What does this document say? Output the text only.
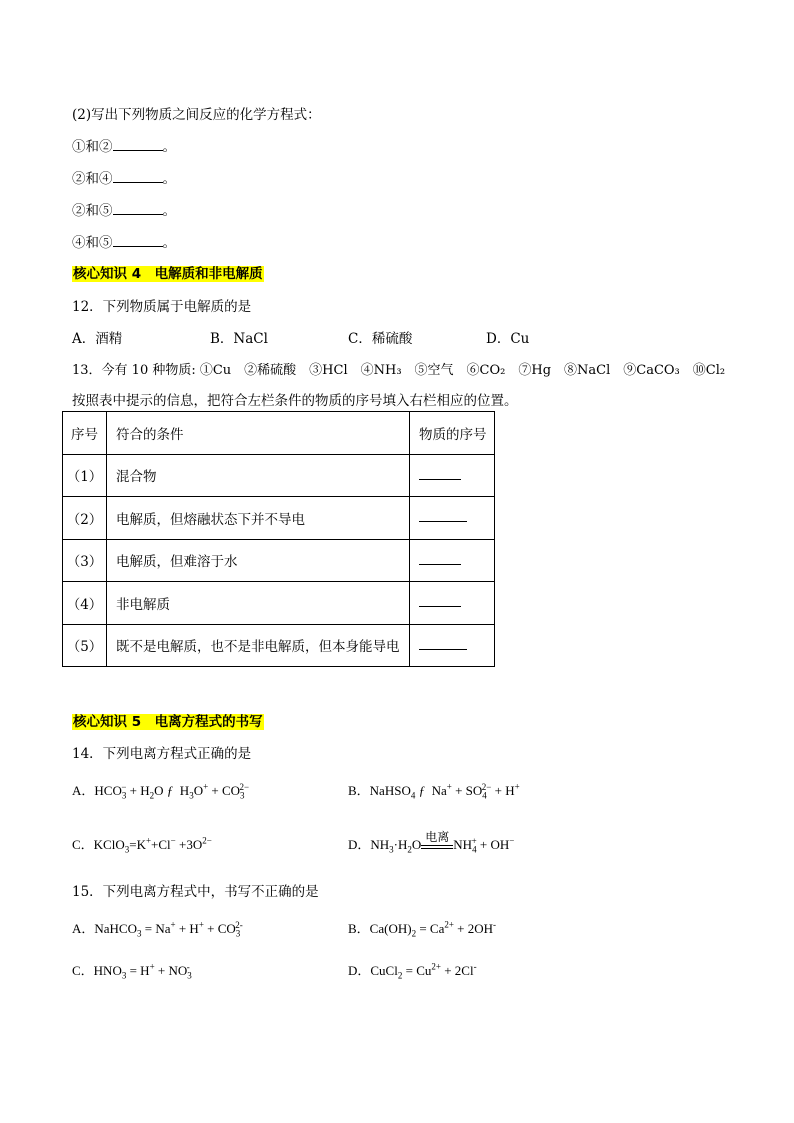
(2)写出下列物质之间反应的化学方程式：
①和②	。
②和④	。
②和⑤	。
④和⑤	。
核心知识 4　电解质和非电解质
12．下列物质属于电解质的是
A．酒精	B．NaCl	C．稀硫酸	D．Cu
13．今有 10 种物质: ①Cu　②稀硫酸　③HCl　④NH₃　⑤空气　⑥CO₂　⑦Hg　⑧NaCl　⑨CaCO₃　⑩Cl₂
按照表中提示的信息，把符合左栏条件的物质的序号填入右栏相应的位置。
序号	符合的条件	物质的序号
（1）	混合物	
（2）	电解质，但熔融状态下并不导电	
（3）	电解质，但难溶于水	
（4）	非电解质	
（5）	既不是电解质，也不是非电解质，但本身能导电	
核心知识 5　电离方程式的书写
14．下列电离方程式正确的是
A．$HCO_3^- + H_2O$ ƒ  $H_3O^+ + CO_3^{2-}$	B．NaHSO$_4$ ƒ  $Na^+ + SO_4^{2-} + H^+$
C．KClO$_3$=K++Cl− $+3O^{2-}$	D．$NH_3\cdot H_2O$ 电离 $NH_4^+ + OH^-$
15．下列电离方程式中，书写不正确的是
A．NaHCO$_3$ = $Na^+ + H^+ + CO_3^{2-}$	B．$Ca(OH)_2 = Ca^{2+} + 2OH^-$
C．$HNO_3 = H^+ + NO_3^-$	D．CuCl$_2$ = $Cu^{2+} + 2Cl^-$
